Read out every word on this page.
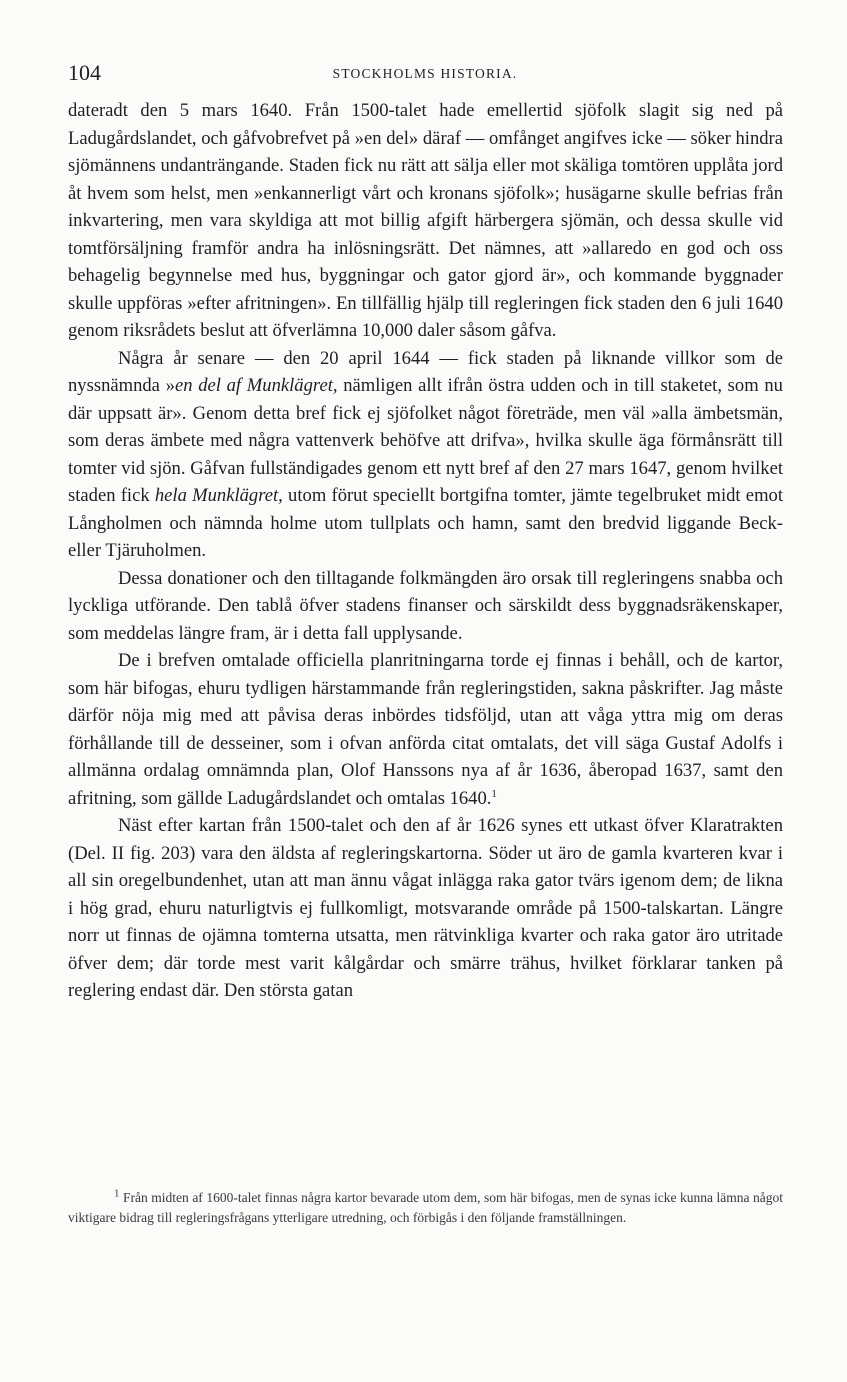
104	STOCKHOLMS HISTORIA.

dateradt den 5 mars 1640. Från 1500-talet hade emellertid sjöfolk slagit sig ned på Ladugårdslandet, och gåfvobrefvet på »en del» däraf — omfånget angifves icke — söker hindra sjömännens undanträngande. Staden fick nu rätt att sälja eller mot skäliga tomtören upplåta jord åt hvem som helst, men »enkannerligt vårt och kronans sjöfolk»; husägarne skulle befrias från inkvartering, men vara skyldiga att mot billig afgift härbergera sjömän, och dessa skulle vid tomtförsäljning framför andra ha inlösningsrätt. Det nämnes, att »allaredo en god och oss behagelig begynnelse med hus, byggningar och gator gjord är», och kommande byggnader skulle uppföras »efter afritningen». En tillfällig hjälp till regleringen fick staden den 6 juli 1640 genom riksrådets beslut att öfverlämna 10,000 daler såsom gåfva.

Några år senare — den 20 april 1644 — fick staden på liknande villkor som de nyssnämnda »en del af Munklägret, nämligen allt ifrån östra udden och in till staketet, som nu där uppsatt är». Genom detta bref fick ej sjöfolket något företräde, men väl »alla ämbetsmän, som deras ämbete med några vattenverk behöfve att drifva», hvilka skulle äga förmånsrätt till tomter vid sjön. Gåfvan fullständigades genom ett nytt bref af den 27 mars 1647, genom hvilket staden fick hela Munklägret, utom förut speciellt bortgifna tomter, jämte tegelbruket midt emot Långholmen och nämnda holme utom tullplats och hamn, samt den bredvid liggande Beck- eller Tjäruholmen.

Dessa donationer och den tilltagande folkmängden äro orsak till regleringens snabba och lyckliga utförande. Den tablå öfver stadens finanser och särskildt dess byggnadsräkenskaper, som meddelas längre fram, är i detta fall upplysande.

De i brefven omtalade officiella planritningarna torde ej finnas i behåll, och de kartor, som här bifogas, ehuru tydligen härstammande från regleringstiden, sakna påskrifter. Jag måste därför nöja mig med att påvisa deras inbördes tidsföljd, utan att våga yttra mig om deras förhållande till de desseiner, som i ofvan anförda citat omtalats, det vill säga Gustaf Adolfs i allmänna ordalag omnämnda plan, Olof Hanssons nya af år 1636, åberopad 1637, samt den afritning, som gällde Ladugårdslandet och omtalas 1640.$^1$

Näst efter kartan från 1500-talet och den af år 1626 synes ett utkast öfver Klaratrakten (Del. II fig. 203) vara den äldsta af regleringskartorna. Söder ut äro de gamla kvarteren kvar i all sin oregelbundenhet, utan att man ännu vågat inlägga raka gator tvärs igenom dem; de likna i hög grad, ehuru naturligtvis ej fullkomligt, motsvarande område på 1500-talskartan. Längre norr ut finnas de ojämna tomterna utsatta, men rätvinkliga kvarter och raka gator äro utritade öfver dem; där torde mest varit kålgårdar och smärre trähus, hvilket förklarar tanken på reglering endast där. Den största gatan

$^1$ Från midten af 1600-talet finnas några kartor bevarade utom dem, som här bifogas, men de synas icke kunna lämna något viktigare bidrag till regleringsfrågans ytterligare utredning, och förbigås i den följande framställningen.
